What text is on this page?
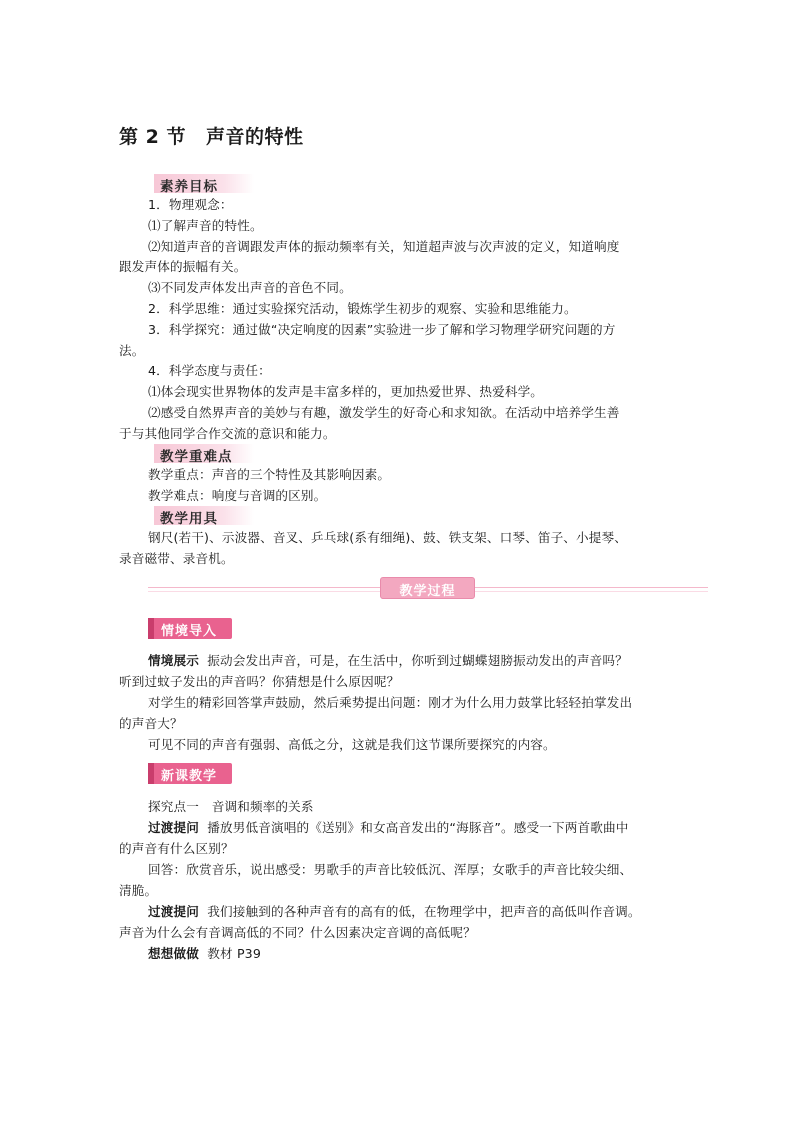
第 2 节 声音的特性
素养目标
1．物理观念：
⑴了解声音的特性。
⑵知道声音的音调跟发声体的振动频率有关，知道超声波与次声波的定义，知道响度
跟发声体的振幅有关。
⑶不同发声体发出声音的音色不同。
2．科学思维：通过实验探究活动，锻炼学生初步的观察、实验和思维能力。
3．科学探究：通过做“决定响度的因素”实验进一步了解和学习物理学研究问题的方
法。
4．科学态度与责任：
⑴体会现实世界物体的发声是丰富多样的，更加热爱世界、热爱科学。
⑵感受自然界声音的美妙与有趣，激发学生的好奇心和求知欲。在活动中培养学生善
于与其他同学合作交流的意识和能力。
教学重难点
教学重点：声音的三个特性及其影响因素。
教学难点：响度与音调的区别。
教学用具
钢尺(若干)、示波器、音叉、乒乓球(系有细绳)、鼓、铁支架、口琴、笛子、小提琴、
录音磁带、录音机。
教学过程
情境导入
情境展示 振动会发出声音，可是，在生活中，你听到过蝴蝶翅膀振动发出的声音吗？
听到过蚊子发出的声音吗？你猜想是什么原因呢？
对学生的精彩回答掌声鼓励，然后乘势提出问题：刚才为什么用力鼓掌比轻轻拍掌发出
的声音大？
可见不同的声音有强弱、高低之分，这就是我们这节课所要探究的内容。
新课教学
探究点一　音调和频率的关系
过渡提问 播放男低音演唱的《送别》和女高音发出的“海豚音”。感受一下两首歌曲中
的声音有什么区别？
回答：欣赏音乐，说出感受：男歌手的声音比较低沉、浑厚；女歌手的声音比较尖细、
清脆。
过渡提问 我们接触到的各种声音有的高有的低，在物理学中，把声音的高低叫作音调。
声音为什么会有音调高低的不同？什么因素决定音调的高低呢？
想想做做 教材 P39
